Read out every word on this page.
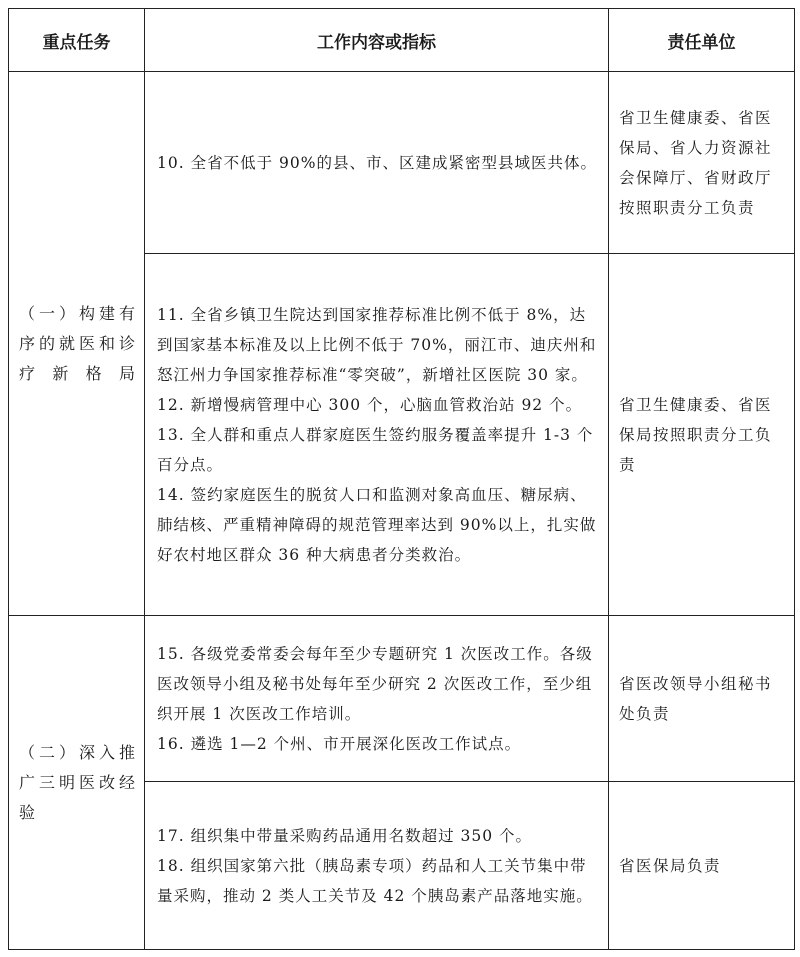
重点任务	工作内容或指标	责任单位
（一）构建有序的就医和诊疗新格局	10. 全省不低于 90%的县、市、区建成紧密型县域医共体。	省卫生健康委、省医保局、省人力资源社会保障厅、省财政厅按照职责分工负责

	11. 全省乡镇卫生院达到国家推荐标准比例不低于 8%，达到国家基本标准及以上比例不低于 70%，丽江市、迪庆州和怒江州力争国家推荐标准“零突破”，新增社区医院 30 家。
12. 新增慢病管理中心 300 个，心脑血管救治站 92 个。
13. 全人群和重点人群家庭医生签约服务覆盖率提升 1-3 个百分点。
14. 签约家庭医生的脱贫人口和监测对象高血压、糖尿病、肺结核、严重精神障碍的规范管理率达到 90%以上，扎实做好农村地区群众 36 种大病患者分类救治。	省卫生健康委、省医保局按照职责分工负责
（二）深入推广三明医改经验	15. 各级党委常委会每年至少专题研究 1 次医改工作。各级医改领导小组及秘书处每年至少研究 2 次医改工作，至少组织开展 1 次医改工作培训。
16. 遴选 1—2 个州、市开展深化医改工作试点。	省医改领导小组秘书处负责

	17. 组织集中带量采购药品通用名数超过 350 个。
18. 组织国家第六批（胰岛素专项）药品和人工关节集中带量采购，推动 2 类人工关节及 42 个胰岛素产品落地实施。	省医保局负责
